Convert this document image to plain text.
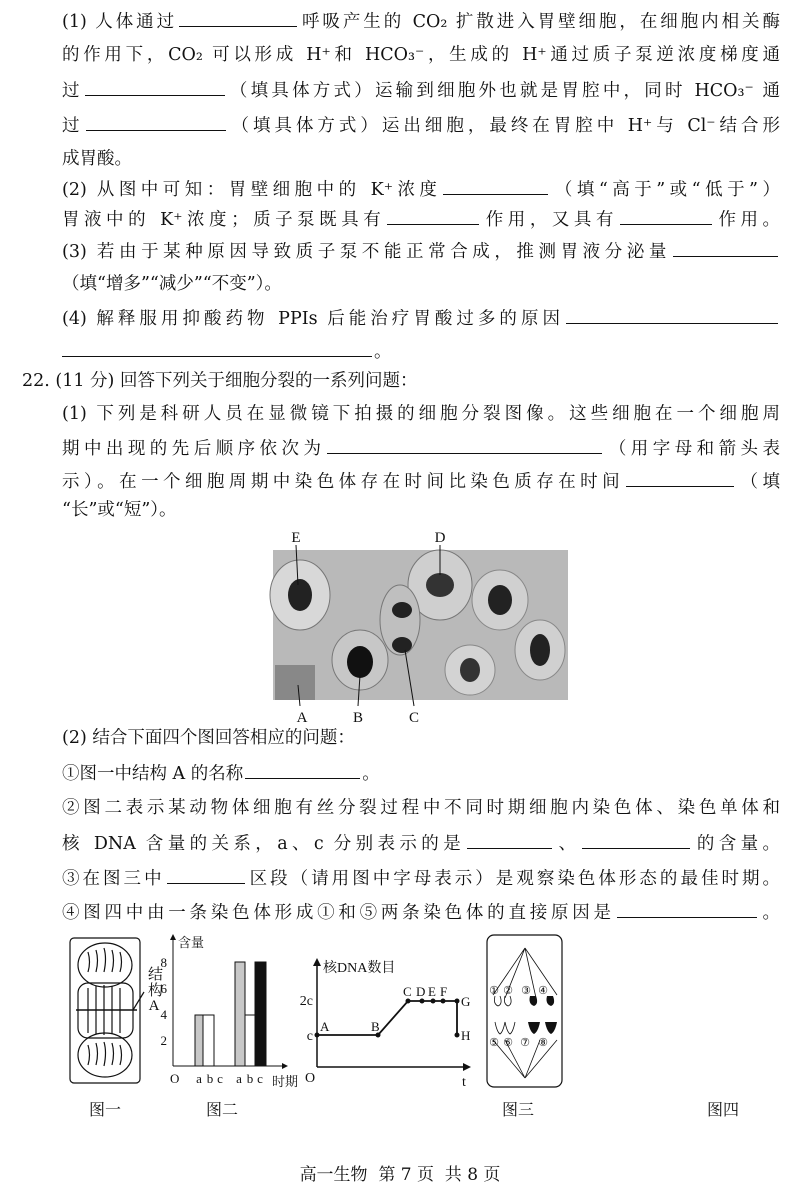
(1) 人体通过	呼吸产生的 CO₂ 扩散进入胃壁细胞，在细胞内相关酶
的作用下，CO₂ 可以形成 H⁺和 HCO₃⁻，生成的 H⁺通过质子泵逆浓度梯度通
过	（填具体方式）运输到细胞外也就是胃腔中，同时 HCO₃⁻ 通
过	（填具体方式）运出细胞，最终在胃腔中 H⁺与 Cl⁻结合形
成胃酸。
(2) 从图中可知：胃壁细胞中的 K⁺浓度	（填“高于”或“低于”）
胃液中的 K⁺浓度；质子泵既具有	作用，又具有	作用。
(3) 若由于某种原因导致质子泵不能正常合成，推测胃液分泌量
（填“增多”“减少”“不变”）。
(4) 解释服用抑酸药物 PPIs 后能治疗胃酸过多的原因
。
22. (11 分) 回答下列关于细胞分裂的一系列问题：
(1) 下列是科研人员在显微镜下拍摄的细胞分裂图像。这些细胞在一个细胞周
期中出现的先后顺序依次为	（用字母和箭头表
示）。在一个细胞周期中染色体存在时间比染色质存在时间	（填
“长”或“短”）。
E	D
A	B	C
图一
含量
O
2
4
6
8
a b c a b c 时期
图二
核DNA数目
O	t
c
2c
A	B
C D E F
G
H
图三
① ② ③ ④
⑤ ⑥ ⑦ ⑧
图四
结构A
(2) 结合下面四个图回答相应的问题：
①图一中结构 A 的名称	。
②图二表示某动物体细胞有丝分裂过程中不同时期细胞内染色体、染色单体和
核 DNA 含量的关系，a、c 分别表示的是	、	的含量。
③在图三中	区段（请用图中字母表示）是观察染色体形态的最佳时期。
④图四中由一条染色体形成①和⑤两条染色体的直接原因是	。
高一生物  第 7 页  共 8 页
